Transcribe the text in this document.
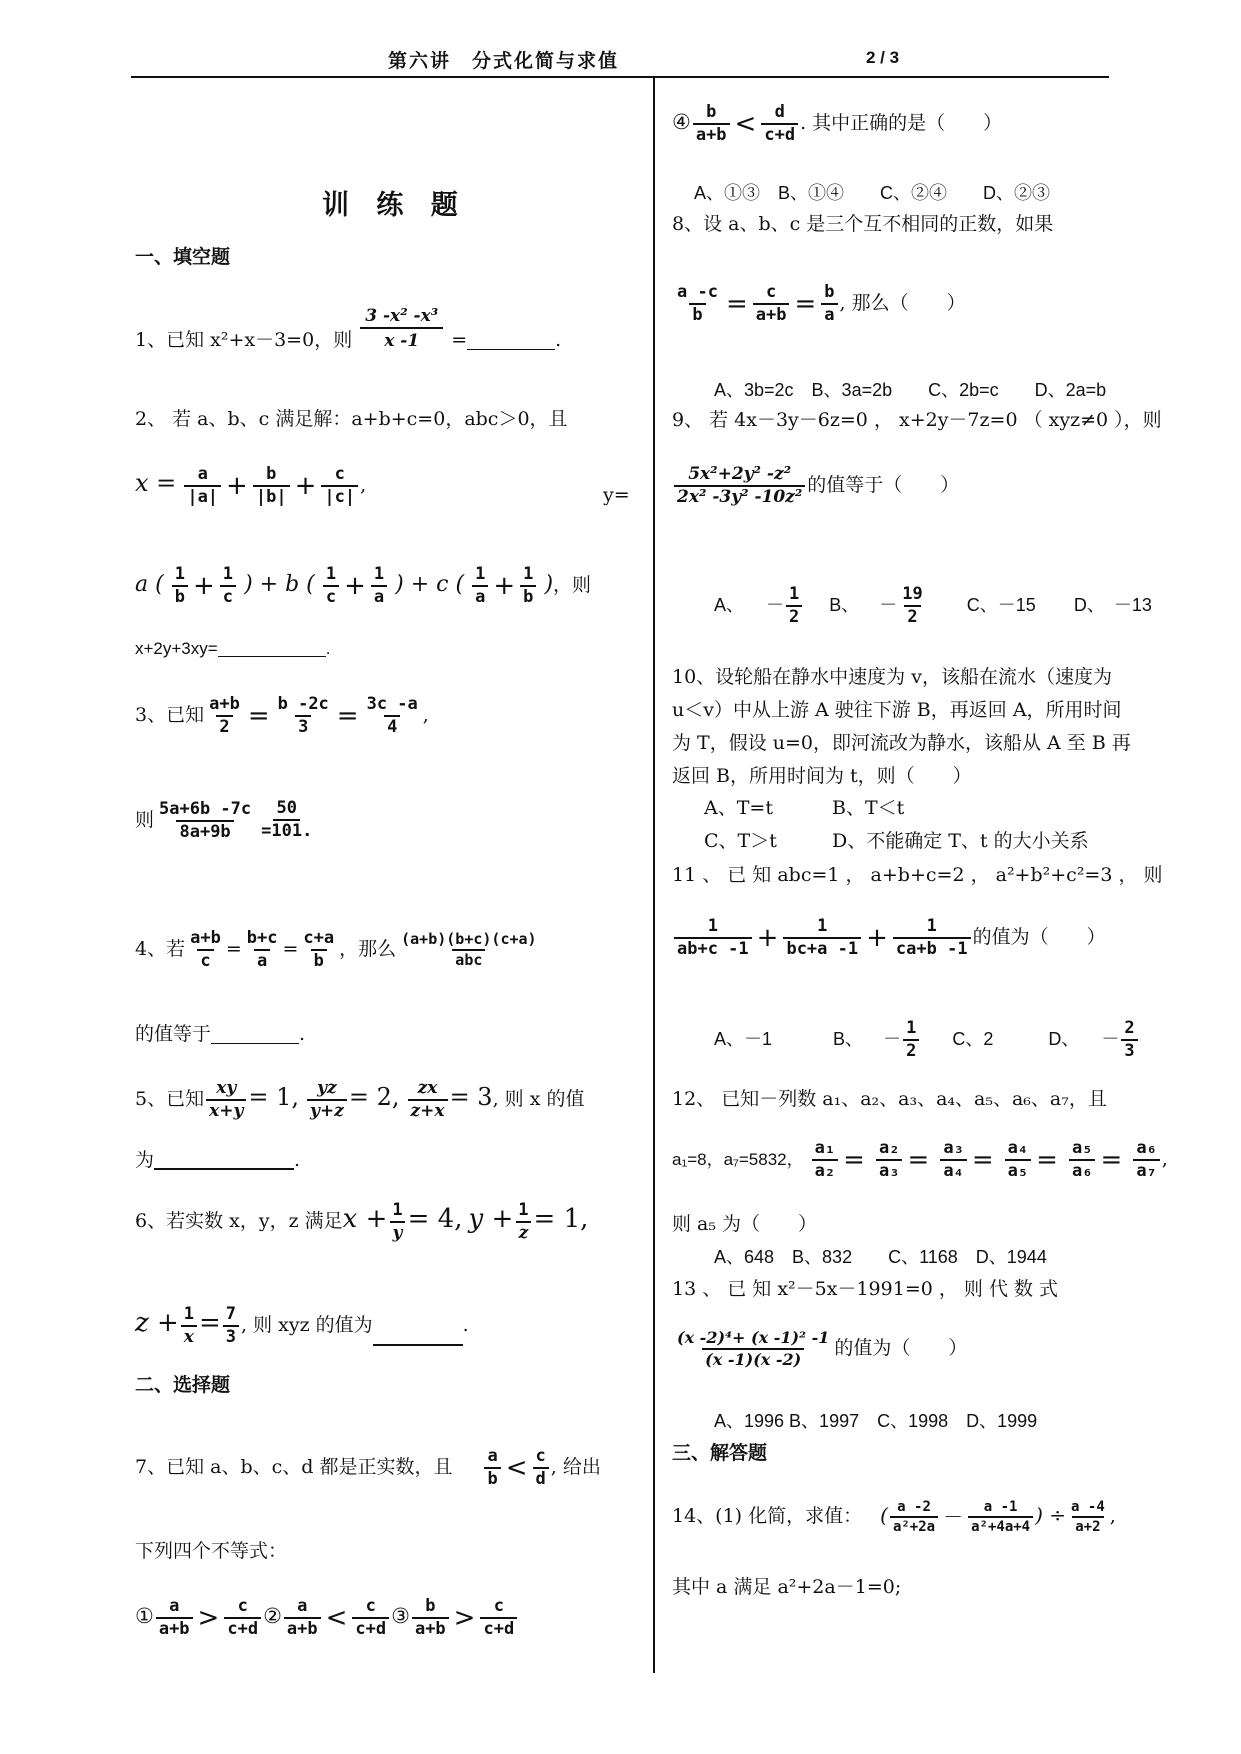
第六讲　分式化简与求值	2 / 3
训 练 题
一、填空题
1、已知 x²+x－3=0，则 $\frac{\text{3 -x² -x³}}{x -1}$ =	.
2、 若 a、b、c 满足解：a+b+c=0，abc＞0，且
$x = \frac{a}{|a|} + \frac{b}{|b|} + \frac{c}{|c|}$ ,	y=
a ( $\frac{1}{b} + \frac{1}{c}$ ) + b ( $\frac{1}{c} + \frac{1}{a}$ ) + c ( $\frac{1}{a} + \frac{1}{b}$ )，则
x+2y+3xy=	.
3、已知 $\frac{a+b}{2} = \frac{b -2c}{3} = \frac{3c -a}{4}$ ,
则 $\frac{5a+6b -7c}{8a+9b} \frac{50}{=101.}$
4、若 $\frac{a+b}{c} = \frac{b+c}{a} = \frac{c+a}{b}$ ，那么 $\frac{(a+b)(b+c)(c+a)}{\text{abc}}$
的值等于	.
5、已知 $\frac{xy}{x+y} = 1$, $\frac{yz}{y+z} = 2$, $\frac{zx}{z+x} = 3$, 则 x 的值
为	.
6、若实数 x，y，z 满足$x + \frac{1}{y} = 4$, $y + \frac{1}{z} = 1$,
$z + \frac{1}{x} = \frac{7}{3}$ , 则 xyz 的值为	.
二、选择题
7、已知 a、b、c、d 都是正实数，且 $\frac{a}{b} < \frac{c}{d}$ , 给出
下列四个不等式：
① $\frac{a}{a+b} > \frac{c}{c+d}$ ② $\frac{a}{a+b} < \frac{c}{c+d}$ ③ $\frac{b}{a+b} > \frac{c}{c+d}$
④ $\frac{b}{a+b} < \frac{d}{c+d}$ . 其中正确的是（　　）
A、①③　B、①④　　C、②④　　D、②③
8、设 a、b、c 是三个互不相同的正数，如果
$\frac{a -c}{b} = \frac{c}{a+b} = \frac{b}{a}$ , 那么（　　）
A、3b=2c　B、3a=2b　　C、2b=c　　D、2a=b
9、 若 4x－3y－6z=0 ， x+2y－7z=0 （ xyz≠0 ），则
$\frac{\text{5x²+2y² -z²}}{\text{2x² -3y² -10z²}}$ 的值等于（　　）
A、 － $\frac{1}{2}$ B、 － $\frac{19}{2}$ C、－15 D、　－13
10、设轮船在静水中速度为 v，该船在流水（速度为
u＜v）中从上游 A 驶往下游 B，再返回 A，所用时间
为 T，假设 u=0，即河流改为静水，该船从 A 至 B 再
返回 B，所用时间为 t，则（　　）
A、T=t	B、T＜t
C、T＞t	D、不能确定 T、t 的大小关系
11 、 已 知 abc=1 ， a+b+c=2 ， a²+b²+c²=3 ， 则
$\frac{1}{ab+c -1} + \frac{1}{bc+a -1} + \frac{1}{ca+b -1}$ 的值为（　　）
A、－1	B、 － $\frac{1}{2}$ C、2	D、 － $\frac{2}{3}$
12、 已知－列数 a₁、a₂、a₃、a₄、a₅、a₆、a₇，且
a₁=8，a₇=5832， $\frac{\text{a₁}}{\text{a₂}} = \frac{\text{a₂}}{\text{a₃}} = \frac{\text{a₃}}{\text{a₄}} = \frac{\text{a₄}}{\text{a₅}} = \frac{\text{a₅}}{\text{a₆}} = \frac{\text{a₆}}{\text{a₇}}$ ,
则 a₅ 为（　　）
A、648　B、832　　C、1168　D、1944
13 、 已 知 x²－5x－1991=0 ， 则 代 数 式
$\frac{\text{(x -2)⁴+ (x -1)² -1}}{(x -1)(x -2)}$ 的值为（　　）
A、1996 B、1997　C、1998　D、1999
三、解答题
14、(1) 化简，求值： ( $\frac{a -2}{\text{a²+2a}} - \frac{a -1}{\text{a²+4a+4}}$ ) ÷ $\frac{a -4}{a+2}$ ,
其中 a 满足 a²+2a－1=0;
